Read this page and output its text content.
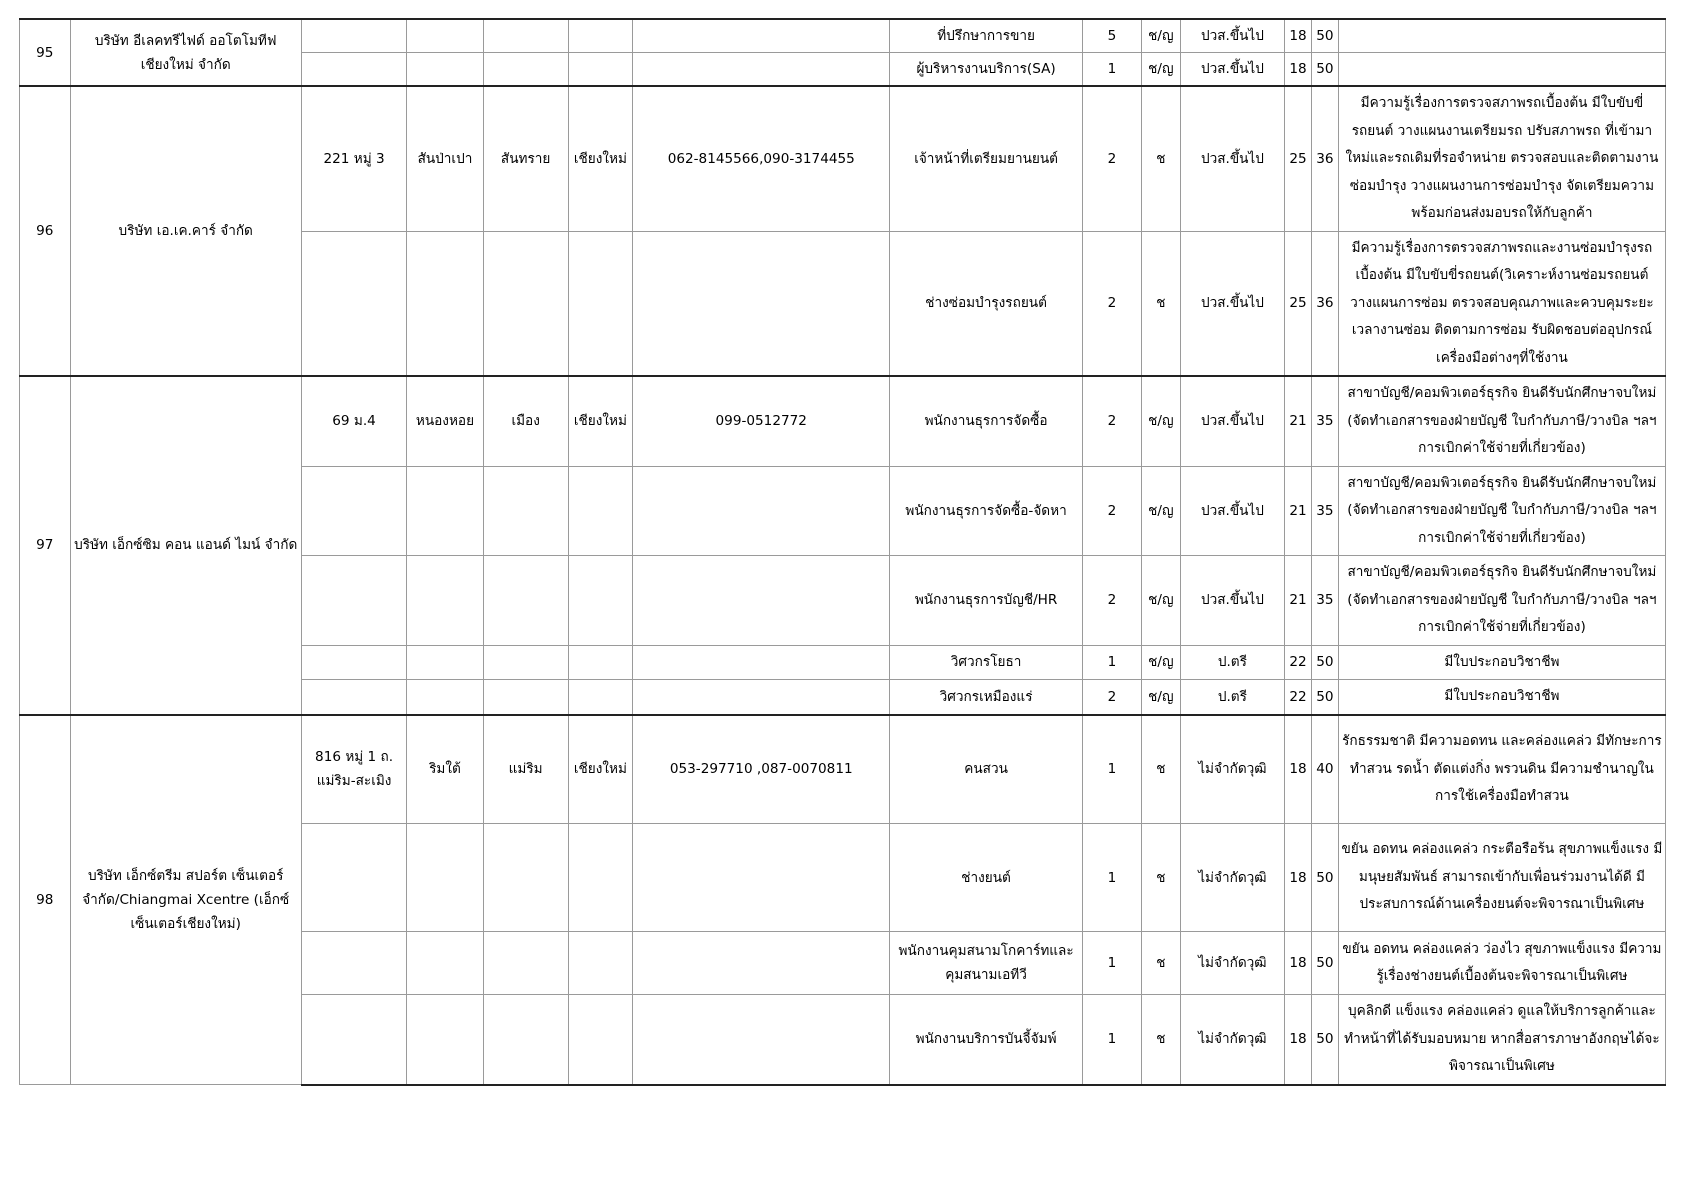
95	บริษัท อีเลคทรีไฟด์ ออโตโมทีฟ เชียงใหม่ จำกัด						ที่ปรึกษาการขาย	5	ช/ญ	ปวส.ขึ้นไป	18	50	
							ผู้บริหารงานบริการ(SA)	1	ช/ญ	ปวส.ขึ้นไป	18	50	
96	บริษัท เอ.เค.คาร์ จำกัด	221 หมู่ 3	สันป่าเปา	สันทราย	เชียงใหม่	062-8145566,090-3174455	เจ้าหน้าที่เตรียมยานยนต์	2	ช	ปวส.ขึ้นไป	25	36	มีความรู้เรื่องการตรวจสภาพรถเบื้องต้น มีใบขับขี่รถยนต์ วางแผนงานเตรียมรถ ปรับสภาพรถ ที่เข้ามาใหม่และรถเดิมที่รอจำหน่าย ตรวจสอบและติดตามงานซ่อมบำรุง วางแผนงานการซ่อมบำรุง จัดเตรียมความพร้อมก่อนส่งมอบรถให้กับลูกค้า
							ช่างซ่อมบำรุงรถยนต์	2	ช	ปวส.ขึ้นไป	25	36	มีความรู้เรื่องการตรวจสภาพรถและงานซ่อมบำรุงรถเบื้องต้น มีใบขับขี่รถยนต์(วิเคราะห์งานซ่อมรถยนต์ วางแผนการซ่อม ตรวจสอบคุณภาพและควบคุมระยะเวลางานซ่อม ติดตามการซ่อม รับผิดชอบต่ออุปกรณ์ เครื่องมือต่างๆที่ใช้งาน
97	บริษัท เอ็กซ์ซิม คอน แอนด์ ไมน์ จำกัด	69 ม.4	หนองหอย	เมือง	เชียงใหม่	099-0512772	พนักงานธุรการจัดซื้อ	2	ช/ญ	ปวส.ขึ้นไป	21	35	สาขาบัญชี/คอมพิวเตอร์ธุรกิจ ยินดีรับนักศึกษาจบใหม่ (จัดทำเอกสารของฝ่ายบัญชี ใบกำกับภาษี/วางบิล ฯลฯ การเบิกค่าใช้จ่ายที่เกี่ยวข้อง)
							พนักงานธุรการจัดซื้อ-จัดหา	2	ช/ญ	ปวส.ขึ้นไป	21	35	สาขาบัญชี/คอมพิวเตอร์ธุรกิจ ยินดีรับนักศึกษาจบใหม่ (จัดทำเอกสารของฝ่ายบัญชี ใบกำกับภาษี/วางบิล ฯลฯ การเบิกค่าใช้จ่ายที่เกี่ยวข้อง)
							พนักงานธุรการบัญชี/HR	2	ช/ญ	ปวส.ขึ้นไป	21	35	สาขาบัญชี/คอมพิวเตอร์ธุรกิจ ยินดีรับนักศึกษาจบใหม่ (จัดทำเอกสารของฝ่ายบัญชี ใบกำกับภาษี/วางบิล ฯลฯ การเบิกค่าใช้จ่ายที่เกี่ยวข้อง)
							วิศวกรโยธา	1	ช/ญ	ป.ตรี	22	50	มีใบประกอบวิชาชีพ
							วิศวกรเหมืองแร่	2	ช/ญ	ป.ตรี	22	50	มีใบประกอบวิชาชีพ
98	บริษัท เอ็กซ์ตรีม สปอร์ต เซ็นเตอร์ จำกัด/Chiangmai Xcentre (เอ็กซ์ เซ็นเตอร์เชียงใหม่)	816 หมู่ 1 ถ. แม่ริม-สะเมิง	ริมใต้	แม่ริม	เชียงใหม่	053-297710 ,087-0070811	คนสวน	1	ช	ไม่จำกัดวุฒิ	18	40	รักธรรมชาติ มีความอดทน และคล่องแคล่ว มีทักษะการทำสวน รดน้ำ ตัดแต่งกิ่ง พรวนดิน มีความชำนาญในการใช้เครื่องมือทำสวน
							ช่างยนต์	1	ช	ไม่จำกัดวุฒิ	18	50	ขยัน อดทน คล่องแคล่ว กระตือรือร้น สุขภาพแข็งแรง มีมนุษยสัมพันธ์ สามารถเข้ากับเพื่อนร่วมงานได้ดี มีประสบการณ์ด้านเครื่องยนต์จะพิจารณาเป็นพิเศษ
							พนักงานคุมสนามโกคาร์ทและคุมสนามเอทีวี	1	ช	ไม่จำกัดวุฒิ	18	50	ขยัน อดทน คล่องแคล่ว ว่องไว สุขภาพแข็งแรง มีความรู้เรื่องช่างยนต์เบื้องต้นจะพิจารณาเป็นพิเศษ
							พนักงานบริการบันจี้จัมพ์	1	ช	ไม่จำกัดวุฒิ	18	50	บุคลิกดี แข็งแรง คล่องแคล่ว ดูแลให้บริการลูกค้าและทำหน้าที่ได้รับมอบหมาย หากสื่อสารภาษาอังกฤษได้จะพิจารณาเป็นพิเศษ
